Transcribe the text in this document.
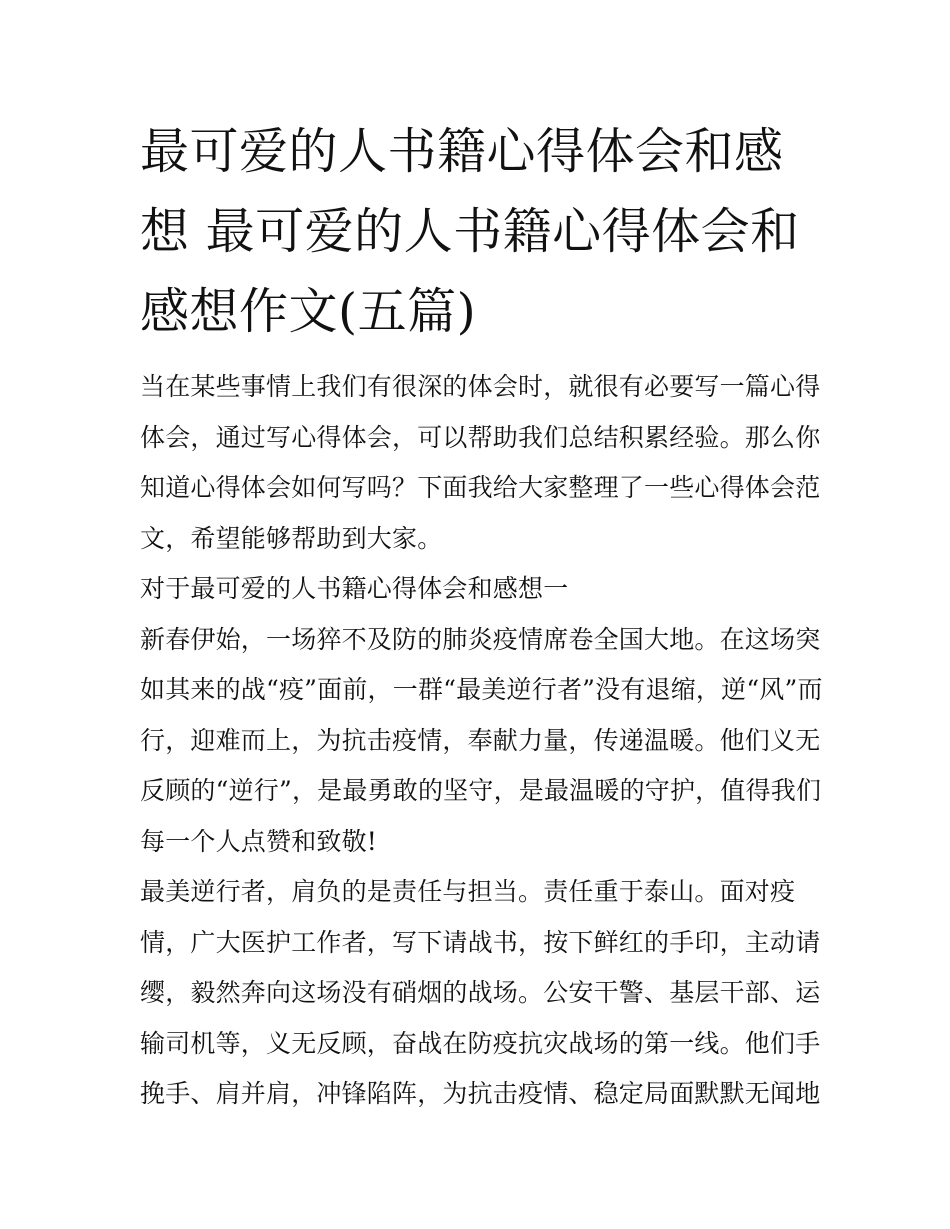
最可爱的人书籍心得体会和感
想 最可爱的人书籍心得体会和
感想作文(五篇)
当在某些事情上我们有很深的体会时，就很有必要写一篇心得
体会，通过写心得体会，可以帮助我们总结积累经验。那么你
知道心得体会如何写吗？下面我给大家整理了一些心得体会范
文，希望能够帮助到大家。
对于最可爱的人书籍心得体会和感想一
新春伊始，一场猝不及防的肺炎疫情席卷全国大地。在这场突
如其来的战“疫”面前，一群“最美逆行者”没有退缩，逆“风”而
行，迎难而上，为抗击疫情，奉献力量，传递温暖。他们义无
反顾的“逆行”，是最勇敢的坚守，是最温暖的守护，值得我们
每一个人点赞和致敬!
最美逆行者，肩负的是责任与担当。责任重于泰山。面对疫
情，广大医护工作者，写下请战书，按下鲜红的手印，主动请
缨，毅然奔向这场没有硝烟的战场。公安干警、基层干部、运
输司机等，义无反顾，奋战在防疫抗灾战场的第一线。他们手
挽手、肩并肩，冲锋陷阵，为抗击疫情、稳定局面默默无闻地
